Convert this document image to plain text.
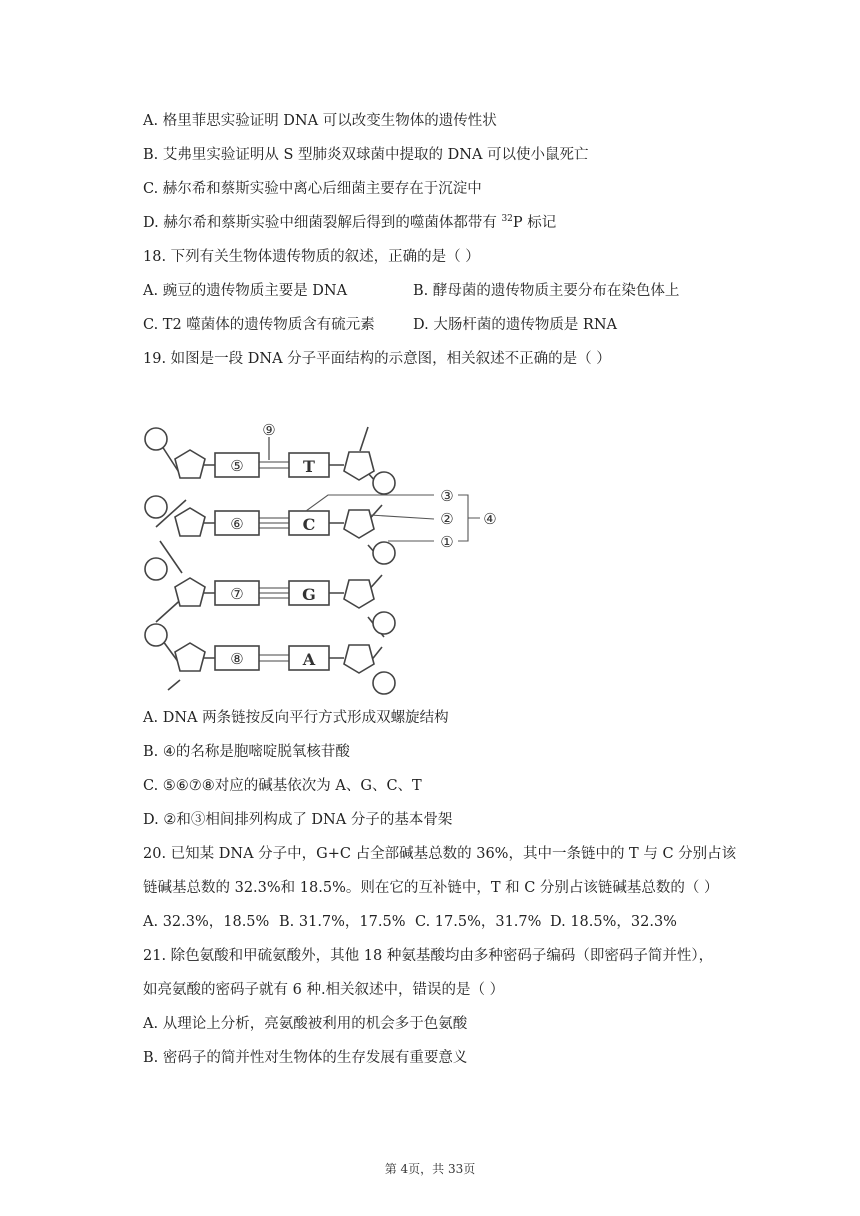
A. 格里菲思实验证明 DNA 可以改变生物体的遗传性状
B. 艾弗里实验证明从 S 型肺炎双球菌中提取的 DNA 可以使小鼠死亡
C. 赫尔希和蔡斯实验中离心后细菌主要存在于沉淀中
D. 赫尔希和蔡斯实验中细菌裂解后得到的噬菌体都带有 $^{32}$P 标记
18. 下列有关生物体遗传物质的叙述，正确的是（ ）
A. 豌豆的遗传物质主要是 DNA	B. 酵母菌的遗传物质主要分布在染色体上
C. T2 噬菌体的遗传物质含有硫元素	D. 大肠杆菌的遗传物质是 RNA
19. 如图是一段 DNA 分子平面结构的示意图，相关叙述不正确的是（ ）
⑤
⑥
⑦
⑧
T
C
G
A
⑨
③
②
①
④
A. DNA 两条链按反向平行方式形成双螺旋结构
B. ④的名称是胞嘧啶脱氧核苷酸
C. ⑤⑥⑦⑧对应的碱基依次为 A、G、C、T
D. ②和③相间排列构成了 DNA 分子的基本骨架
20. 已知某 DNA 分子中，G+C 占全部碱基总数的 36%，其中一条链中的 T 与 C 分别占该
链碱基总数的 32.3%和 18.5%。则在它的互补链中，T 和 C 分别占该链碱基总数的（ ）
A. 32.3%，18.5% B. 31.7%，17.5% C. 17.5%，31.7% D. 18.5%，32.3%
21. 除色氨酸和甲硫氨酸外，其他 18 种氨基酸均由多种密码子编码（即密码子简并性），
如亮氨酸的密码子就有 6 种.相关叙述中，错误的是（ ）
A. 从理论上分析，亮氨酸被利用的机会多于色氨酸
B. 密码子的简并性对生物体的生存发展有重要意义
第 4页，共 33页
